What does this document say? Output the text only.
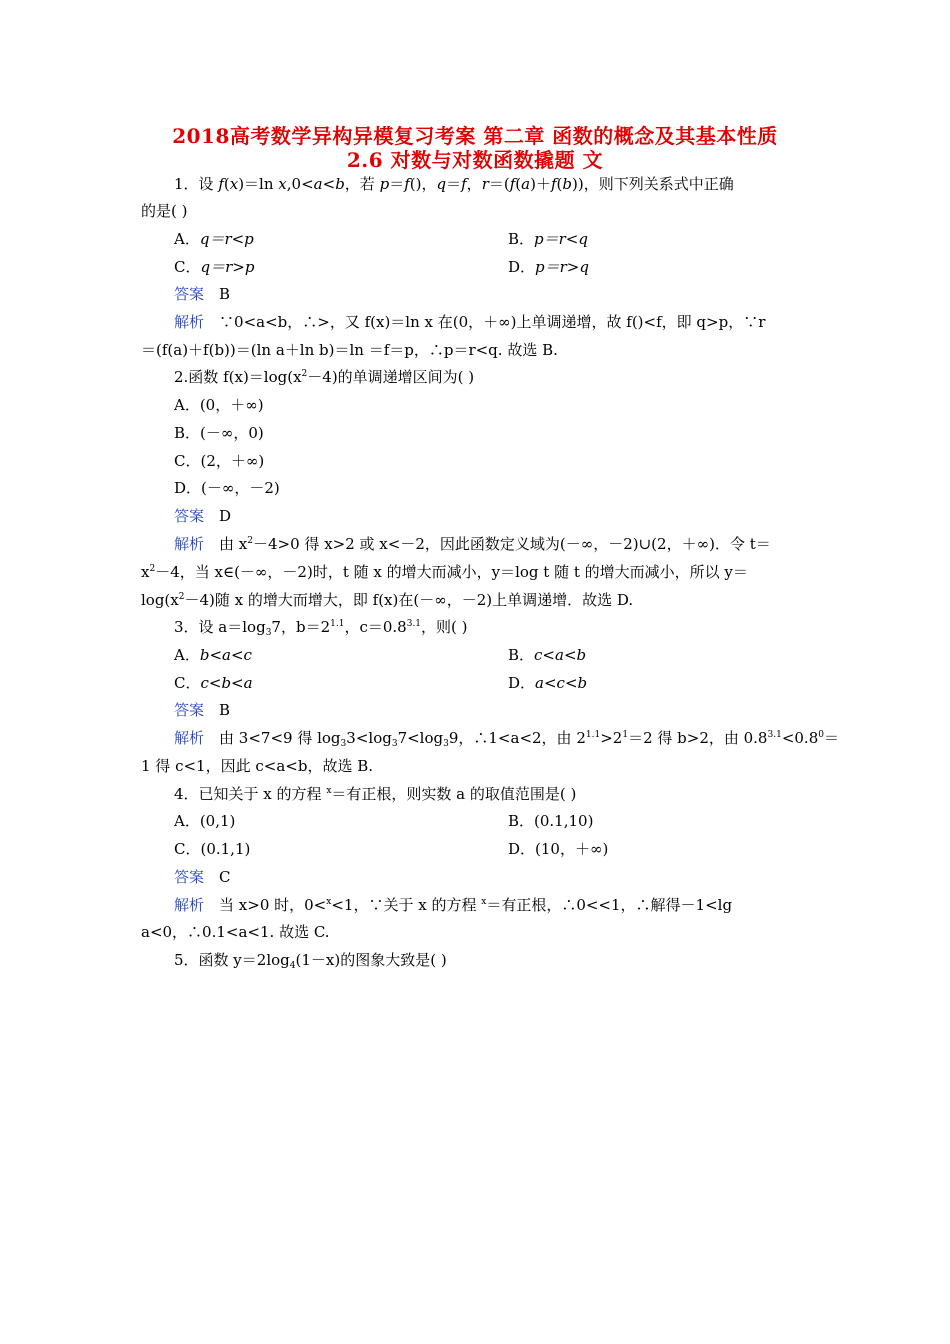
2018高考数学异构异模复习考案 第二章 函数的概念及其基本性质
2.6 对数与对数函数撬题 文
1．设 f(x)＝ln x,0<a<b，若 p＝f()，q＝f，r＝(f(a)＋f(b))，则下列关系式中正确
的是( )
A．q＝r<p	B．p＝r<q
C．q＝r>p	D．p＝r>q
答案　 B
解析　 ∵0<a<b，∴>，又 f(x)＝ln x 在(0，＋∞)上单调递增，故 f()<f，即 q>p，∵r
＝(f(a)＋f(b))＝(ln a＋ln b)＝ln ＝f＝p，∴p＝r<q. 故选 B.
2.函数 $f(x)=\log(x^2-4)$的单调递增区间为( )
A．(0，＋∞)
B．(－∞，0)
C．(2，＋∞)
D．(－∞，－2)
答案　 D
解析　 由 $x^2-4>0$ 得 x>2 或 x<－2，因此函数定义域为(－∞，－2)∪(2，＋∞)．令 t＝
$x^2-4$，当 x∈(－∞，－2)时，t 随 x 的增大而减小，y＝log t 随 t 的增大而减小，所以 y＝
$\log(x^2-4)$随 x 的增大而增大，即 f(x)在(－∞，－2)上单调递增．故选 D.
3．设 $a=\log_37$，$b=2^{1.1}$，$c=0.8^{3.1}$，则( )
A．b<a<c	B．c<a<b
C．c<b<a	D．a<c<b
答案　 B
解析　 由 3<7<9 得 $\log_33<\log_37<\log_39$，∴1<a<2，由 $2^{1.1}>2^1=2$ 得 b>2，由 $0.8^{3.1}<0.8^0=$
1 得 c<1，因此 c<a<b，故选 B.
4．已知关于 x 的方程 $^x$＝有正根，则实数 a 的取值范围是( )
A．(0,1)	B．(0.1,10)
C．(0.1,1)	D．(10，＋∞)
答案　 C
解析　 当 x>0 时，0<$^x$<1，∵关于 x 的方程 $^x$＝有正根，∴0<<1，∴解得－1<lg
a<0，∴0.1<a<1. 故选 C.
5．函数 $y=2\log_4(1-x)$的图象大致是( )
